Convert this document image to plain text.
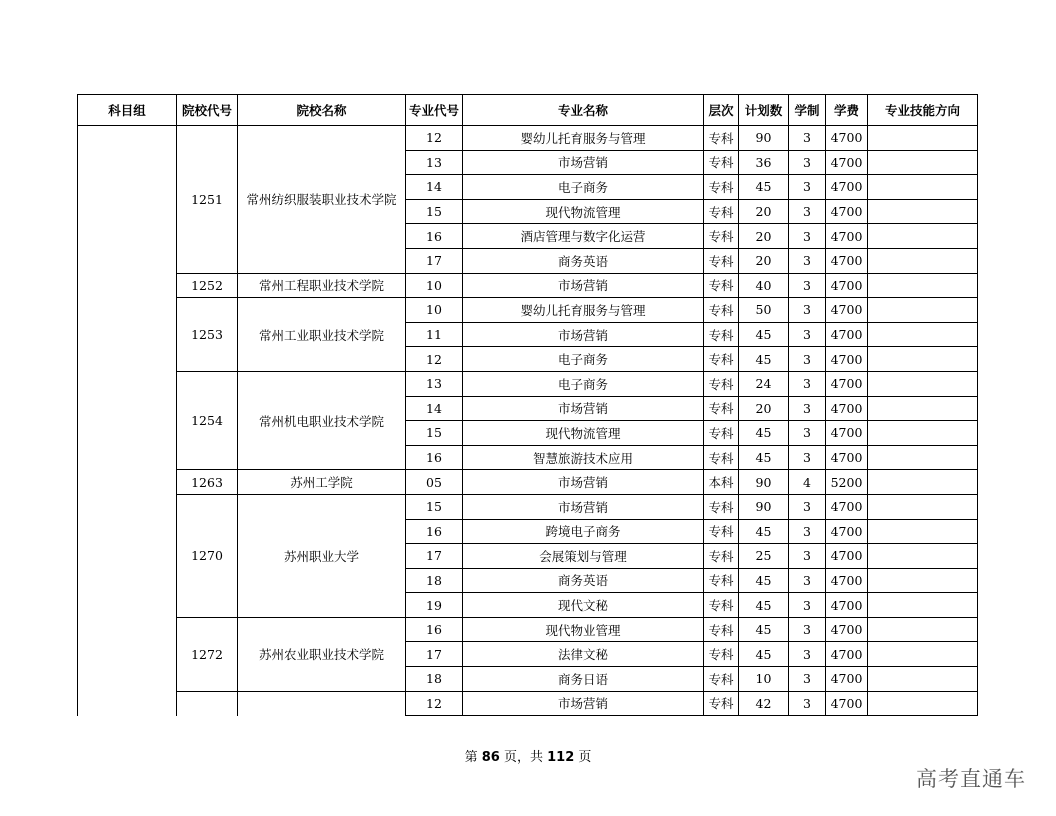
科目组	院校代号	院校名称	专业代号	专业名称	层次	计划数	学制	学费	专业技能方向
	1251	常州纺织服装职业技术学院	12	婴幼儿托育服务与管理	专科	90	3	4700	
			13	市场营销	专科	36	3	4700	
			14	电子商务	专科	45	3	4700	
			15	现代物流管理	专科	20	3	4700	
			16	酒店管理与数字化运营	专科	20	3	4700	
			17	商务英语	专科	20	3	4700	
	1252	常州工程职业技术学院	10	市场营销	专科	40	3	4700	
	1253	常州工业职业技术学院	10	婴幼儿托育服务与管理	专科	50	3	4700	
			11	市场营销	专科	45	3	4700	
			12	电子商务	专科	45	3	4700	
	1254	常州机电职业技术学院	13	电子商务	专科	24	3	4700	
			14	市场营销	专科	20	3	4700	
			15	现代物流管理	专科	45	3	4700	
			16	智慧旅游技术应用	专科	45	3	4700	
	1263	苏州工学院	05	市场营销	本科	90	4	5200	
	1270	苏州职业大学	15	市场营销	专科	90	3	4700	
			16	跨境电子商务	专科	45	3	4700	
			17	会展策划与管理	专科	25	3	4700	
			18	商务英语	专科	45	3	4700	
			19	现代文秘	专科	45	3	4700	
	1272	苏州农业职业技术学院	16	现代物业管理	专科	45	3	4700	
			17	法律文秘	专科	45	3	4700	
			18	商务日语	专科	10	3	4700	
			12	市场营销	专科	42	3	4700	
第 86 页，共 112 页
高考直通车
